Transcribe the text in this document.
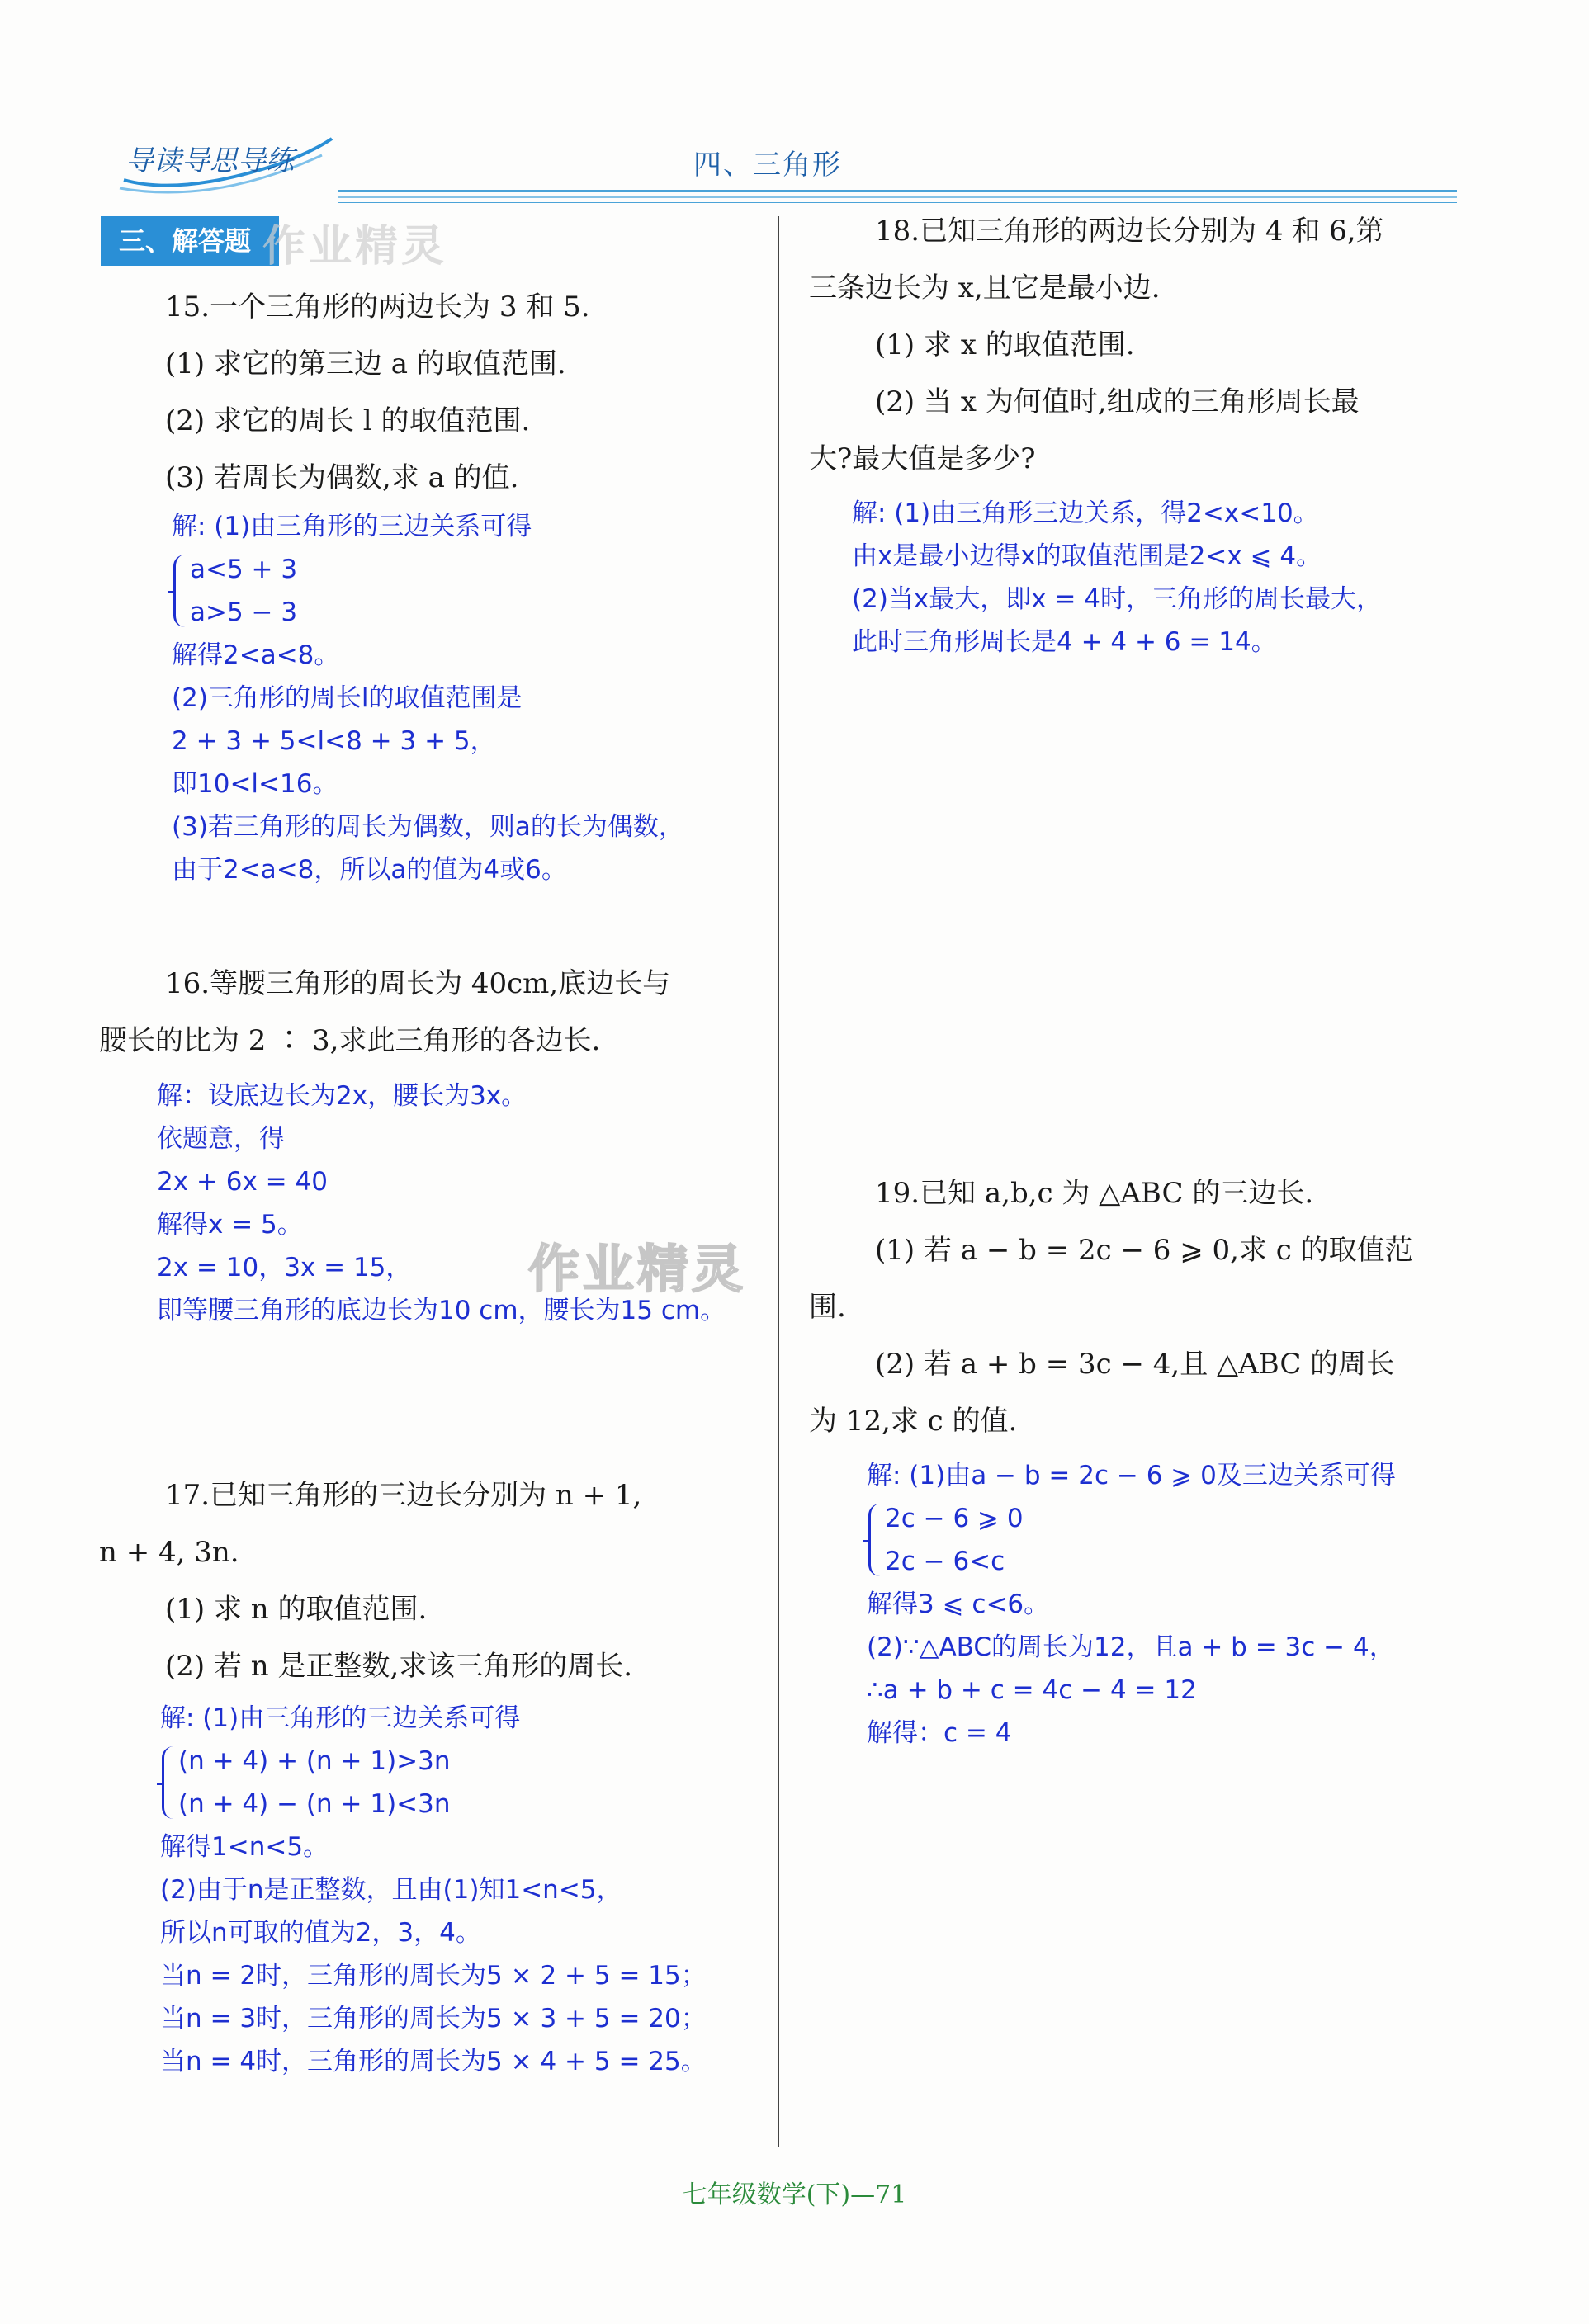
导读导思导练	四、三角形
三、解答题 作业精灵
作业精灵
15.一个三角形的两边长为 3 和 5.
(1) 求它的第三边 a 的取值范围.
(2) 求它的周长 l 的取值范围.
(3) 若周长为偶数,求 a 的值.
解: (1)由三角形的三边关系可得
a<5 + 3
a>5 − 3
解得2<a<8。
(2)三角形的周长l的取值范围是
2 + 3 + 5<l<8 + 3 + 5，
即10<l<16。
(3)若三角形的周长为偶数，则a的长为偶数，
由于2<a<8，所以a的值为4或6。
16.等腰三角形的周长为 40cm,底边长与
腰长的比为 2 ∶ 3,求此三角形的各边长.
解：设底边长为2x，腰长为3x。
依题意，得
2x + 6x = 40
解得x = 5。
2x = 10，3x = 15，
即等腰三角形的底边长为10 cm，腰长为15 cm。
17.已知三角形的三边长分别为 n + 1,
n + 4, 3n.
(1) 求 n 的取值范围.
(2) 若 n 是正整数,求该三角形的周长.
解: (1)由三角形的三边关系可得
(n + 4) + (n + 1)>3n
(n + 4) − (n + 1)<3n
解得1<n<5。
(2)由于n是正整数，且由(1)知1<n<5，
所以n可取的值为2，3，4。
当n = 2时，三角形的周长为5 × 2 + 5 = 15；
当n = 3时，三角形的周长为5 × 3 + 5 = 20；
当n = 4时，三角形的周长为5 × 4 + 5 = 25。
18.已知三角形的两边长分别为 4 和 6,第
三条边长为 x,且它是最小边.
(1) 求 x 的取值范围.
(2) 当 x 为何值时,组成的三角形周长最
大?最大值是多少?
解: (1)由三角形三边关系，得2<x<10。
由x是最小边得x的取值范围是2<x ⩽ 4。
(2)当x最大，即x = 4时，三角形的周长最大，
此时三角形周长是4 + 4 + 6 = 14。
19.已知 a,b,c 为 △ABC 的三边长.
(1) 若 a − b = 2c − 6 ⩾ 0,求 c 的取值范
围.
(2) 若 a + b = 3c − 4,且 △ABC 的周长
为 12,求 c 的值.
解: (1)由a − b = 2c − 6 ⩾ 0及三边关系可得
2c − 6 ⩾ 0
2c − 6<c
解得3 ⩽ c<6。
(2)∵△ABC的周长为12，且a + b = 3c − 4，
∴a + b + c = 4c − 4 = 12
解得：c = 4
七年级数学(下)—71
